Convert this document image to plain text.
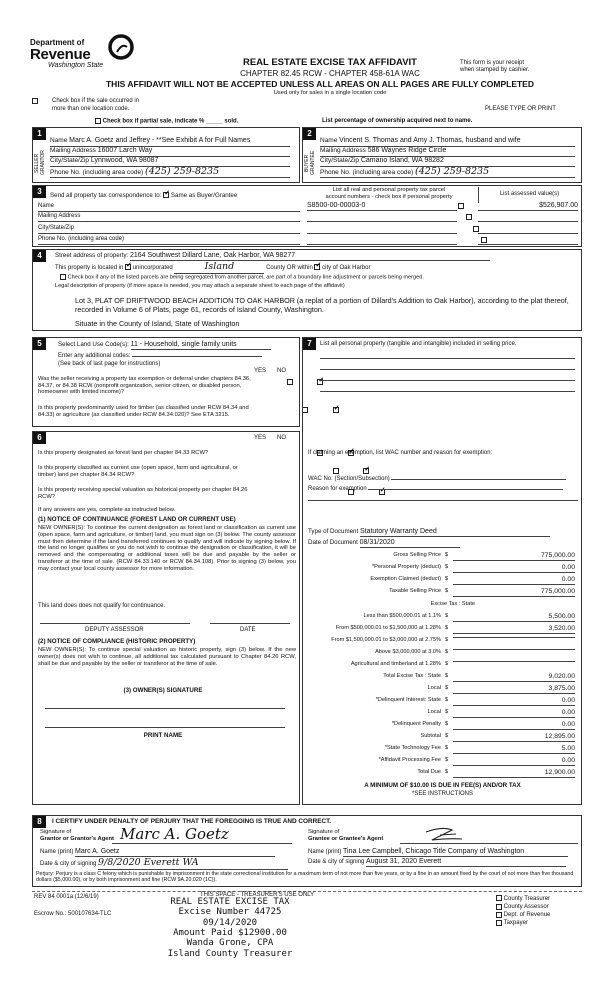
Department of
Revenue
Washington State	REAL ESTATE EXCISE TAX AFFIDAVIT
CHAPTER 82.45 RCW - CHAPTER 458-61A WAC
This form is your receipt
when stamped by cashier.
THIS AFFIDAVIT WILL NOT BE ACCEPTED UNLESS ALL AREAS ON ALL PAGES ARE FULLY COMPLETED
Used only for sales in a single location code
Check box if the sale occurred in
more than one location code.	PLEASE TYPE OR PRINT
Check box if partial sale, indicate % _____ sold.	List percentage of ownership acquired next to name.
1
SELLER GRANTOR
Name Marc A. Goetz and Jeffrey - **See Exhibit A for Full Names
Mailing Address 16007 Larch Way
City/State/Zip Lynnwood, WA 98087
Phone No. (including area code) (425) 259-8235
2
BUYER GRANTEE
Name Vincent S. Thomas and Amy J. Thomas, husband and wife
Mailing Address 586 Waynes Ridge Circle
City/State/Zip Camano Island, WA 98282
Phone No. (including area code) (425) 259-8235
3	Send all property tax correspondence to: ✓ Same as Buyer/Grantee
Name
Mailing Address
City/State/Zip
Phone No. (including area code)
List all real and personal property tax parcel
account numbers - check box if personal property	List assessed value(s)
S8500-00-00003-0
	$526,907.00

4	Street address of property: 2164 Southwest Dillard Lane, Oak Harbor, WA 98277
This property is located in ✓ unincorporated	Island	County OR within ✓ city of Oak Harbor
Check box if any of the listed parcels are being segregated from another parcel, are part of a boundary line adjustment or parcels being merged.
Legal description of property (if more space is needed, you may attach a separate sheet to each page of the affidavit)
Lot 3, PLAT OF DRIFTWOOD BEACH ADDITION TO OAK HARBOR (a replat of a portion of Dillard's Addition to Oak Harbor), according to the plat thereof, recorded in Volume 6 of Plats, page 61, records of Island County, Washington.
Situate in the County of Island, State of Washington
5	Select Land Use Code(s): 11 - Household, single family units
Enter any additional codes:
(See back of last page for instructions)
YES NO
Was the seller receiving a property tax exemption or deferral under chapters 84.36, 84.37, or 84.38 RCW (nonprofit organization, senior citizen, or disabled person, homeowner with limited income)?
✓
Is this property predominantly used for timber (as classified under RCW 84.34 and 84.33) or agriculture (as classified under RCW 84.34.020)? See ETA 3215.
✓
6	YES NO
Is this property designated as forest land per chapter 84.33 RCW?
✓
Is this property classified as current use (open space, farm and agricultural, or timber) land per chapter 84.34 RCW?
✓
Is this property receiving special valuation as historical property per chapter 84.26 RCW?
✓
If any answers are yes, complete as instructed below.
(1) NOTICE OF CONTINUANCE (FOREST LAND OR CURRENT USE)
NEW OWNER(S): To continue the current designation as forest land or classification as current use (open space, farm and agriculture, or timber) land, you must sign on (3) below. The county assessor must then determine if the land transferred continues to qualify and will indicate by signing below. If the land no longer qualifies or you do not wish to continue the designation or classification, it will be removed and the compensating or additional taxes will be due and payable by the seller or transferor at the time of sale. (RCW 84.33.140 or RCW 84.34.108). Prior to signing (3) below, you may contact your local county assessor for more information.
This land does does not qualify for continuance.
DEPUTY ASSESSOR	DATE
(2) NOTICE OF COMPLIANCE (HISTORIC PROPERTY)
NEW OWNER(S): To continue special valuation as historic property, sign (3) below. If the new owner(s) does not wish to continue, all additional tax calculated pursuant to Chapter 84.26 RCW, shall be due and payable by the seller or transferor at the time of sale.
(3) OWNER(S) SIGNATURE
PRINT NAME
7	List all personal property (tangible and intangible) included in selling price.
If claiming an exemption, list WAC number and reason for exemption:
WAC No. (Section/Subsection)
Reason for exemption
Type of Document Statutory Warranty Deed
Date of Document 08/31/2020
Gross Selling Price $	775,000.00
*Personal Property (deduct) $	0.00
Exemption Claimed (deduct) $	0.00
Taxable Selling Price $	775,000.00
Excise Tax : State
Less than $500,000.01 at 1.1% $	5,500.00
From $500,000.01 to $1,500,000 at 1.28% $	3,520.00
From $1,500,000.01 to $3,000,000 at 2.75% $
Above $3,000,000 at 3.0% $
Agricultural and timberland at 1.28% $
Total Excise Tax : State $	9,020.00
Local $	3,875.00
*Delinquent Interest: State $	0.00
Local $	0.00
*Delinquent Penalty $	0.00
Subtotal $	12,895.00
*State Technology Fee $	5.00
*Affidavit Processing Fee $	0.00
Total Due $	12,900.00
A MINIMUM OF $10.00 IS DUE IN FEE(S) AND/OR TAX
*SEE INSTRUCTIONS
8	I CERTIFY UNDER PENALTY OF PERJURY THAT THE FOREGOING IS TRUE AND CORRECT.
Signature of
Grantor or Grantor's Agent Marc A. Goetz
Name (print) Marc A. Goetz
Date & city of signing 9/8/2020 Everett WA
Signature of
Grantee or Grantee's Agent
Name (print) Tina Lee Campbell, Chicago Title Company of Washington
Date & city of signing August 31, 2020 Everett
Perjury: Perjury is a class C felony which is punishable by imprisonment in the state correctional institution for a maximum term of not more than five years, or by a fine in an amount fixed by the court of not more than five thousand dollars ($5,000.00), or by both imprisonment and fine (RCW 9A.20.020 (1C)).
REV 84 0001a (12/6/19)	THIS SPACE - TREASURER'S USE ONLY
Escrow No.: 500107634-TLC
REAL ESTATE EXCISE TAX
Excise Number 44725
09/14/2020
Amount Paid $12900.00
Wanda Grone, CPA
Island County Treasurer
County Treasurer
County Assessor
Dept. of Revenue
Taxpayer
